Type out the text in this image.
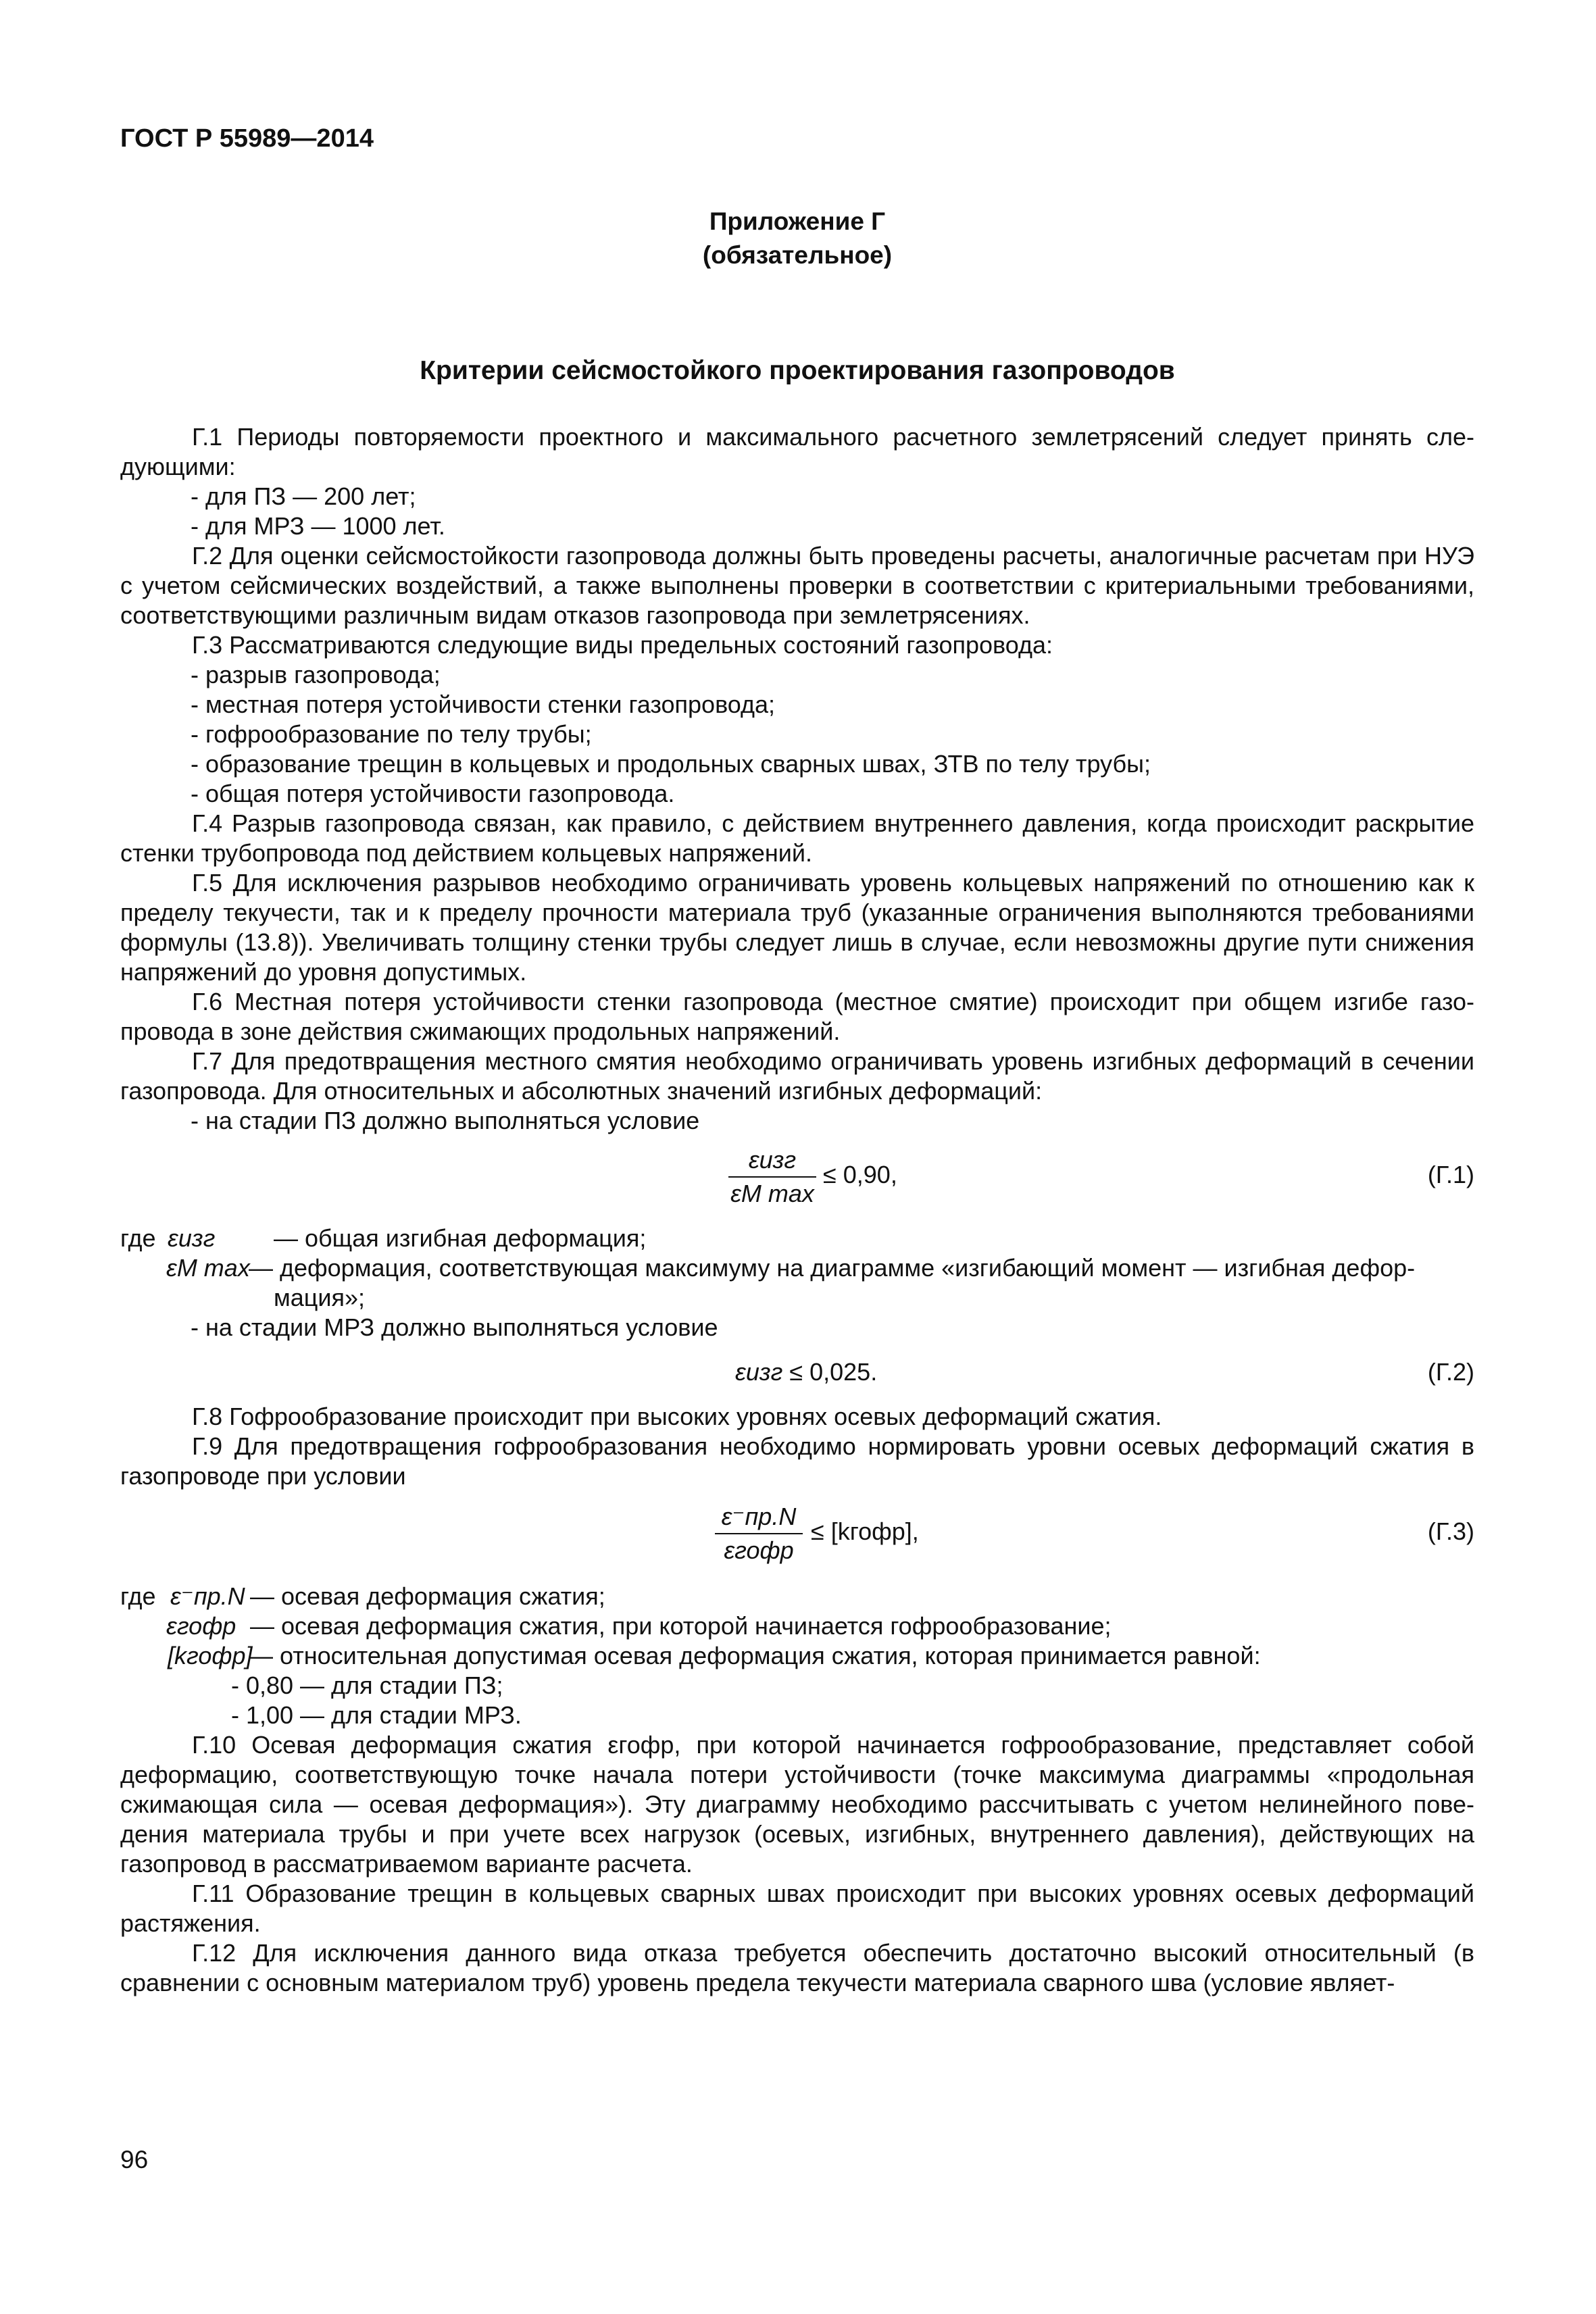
ГОСТ Р 55989—2014
Приложение Г
(обязательное)
Критерии сейсмостойкого проектирования газопроводов

Г.1 Периоды повторяемости проектного и максимального расчетного землетрясений следует принять следующими:

- для ПЗ — 200 лет;

- для МРЗ — 1000 лет.

Г.2 Для оценки сейсмостойкости газопровода должны быть проведены расчеты, аналогичные расчетам при НУЭ с учетом сейсмических воздействий, а также выполнены проверки в соответствии с критериальными требованиями, соответствующими различным видам отказов газопровода при землетрясениях.

Г.3 Рассматриваются следующие виды предельных состояний газопровода:

- разрыв газопровода;

- местная потеря устойчивости стенки газопровода;

- гофрообразование по телу трубы;

- образование трещин в кольцевых и продольных сварных швах, ЗТВ по телу трубы;

- общая потеря устойчивости газопровода.

Г.4 Разрыв газопровода связан, как правило, с действием внутреннего давления, когда происходит раскрытие стенки трубопровода под действием кольцевых напряжений.

Г.5 Для исключения разрывов необходимо ограничивать уровень кольцевых напряжений по отношению как к пределу текучести, так и к пределу прочности материала труб (указанные ограничения выполняются требованиями формулы (13.8)). Увеличивать толщину стенки трубы следует лишь в случае, если невозможны другие пути снижения напряжений до уровня допустимых.

Г.6 Местная потеря устойчивости стенки газопровода (местное смятие) происходит при общем изгибе газопровода в зоне действия сжимающих продольных напряжений.

Г.7 Для предотвращения местного смятия необходимо ограничивать уровень изгибных деформаций в сечении газопровода. Для относительных и абсолютных значений изгибных деформаций:

- на стадии ПЗ должно выполняться условие

εизг
εM max
≤ 0,90,	(Г.1)
где εизг — общая изгибная деформация;
εM max
— деформация, соответствующая максимуму на диаграмме «изгибающий момент — изгибная деформация»;

- на стадии МРЗ должно выполняться условие

εизг ≤ 0,025.	(Г.2)

Г.8 Гофрообразование происходит при высоких уровнях осевых деформаций сжатия.

Г.9 Для предотвращения гофрообразования необходимо нормировать уровни осевых деформаций сжатия в газопроводе при условии

ε⁻пр.N
εгофр
≤ [kгофр],	(Г.3)
где ε⁻пр.N — осевая деформация сжатия;
εгофр — осевая деформация сжатия, при которой начинается гофрообразование;
[kгофр]
— относительная допустимая осевая деформация сжатия, которая принимается равной:

- 0,80 — для стадии ПЗ;

- 1,00 — для стадии МРЗ.

Г.10 Осевая деформация сжатия εгофр, при которой начинается гофрообразование, представляет собой деформацию, соответствующую точке начала потери устойчивости (точке максимума диаграммы «продольная сжимающая сила — осевая деформация»). Эту диаграмму необходимо рассчитывать с учетом нелинейного поведения материала трубы и при учете всех нагрузок (осевых, изгибных, внутреннего давления), действующих на газопровод в рассматриваемом варианте расчета.

Г.11 Образование трещин в кольцевых сварных швах происходит при высоких уровнях осевых деформаций растяжения.

Г.12 Для исключения данного вида отказа требуется обеспечить достаточно высокий относительный (в сравнении с основным материалом труб) уровень предела текучести материала сварного шва (условие являет-

96
